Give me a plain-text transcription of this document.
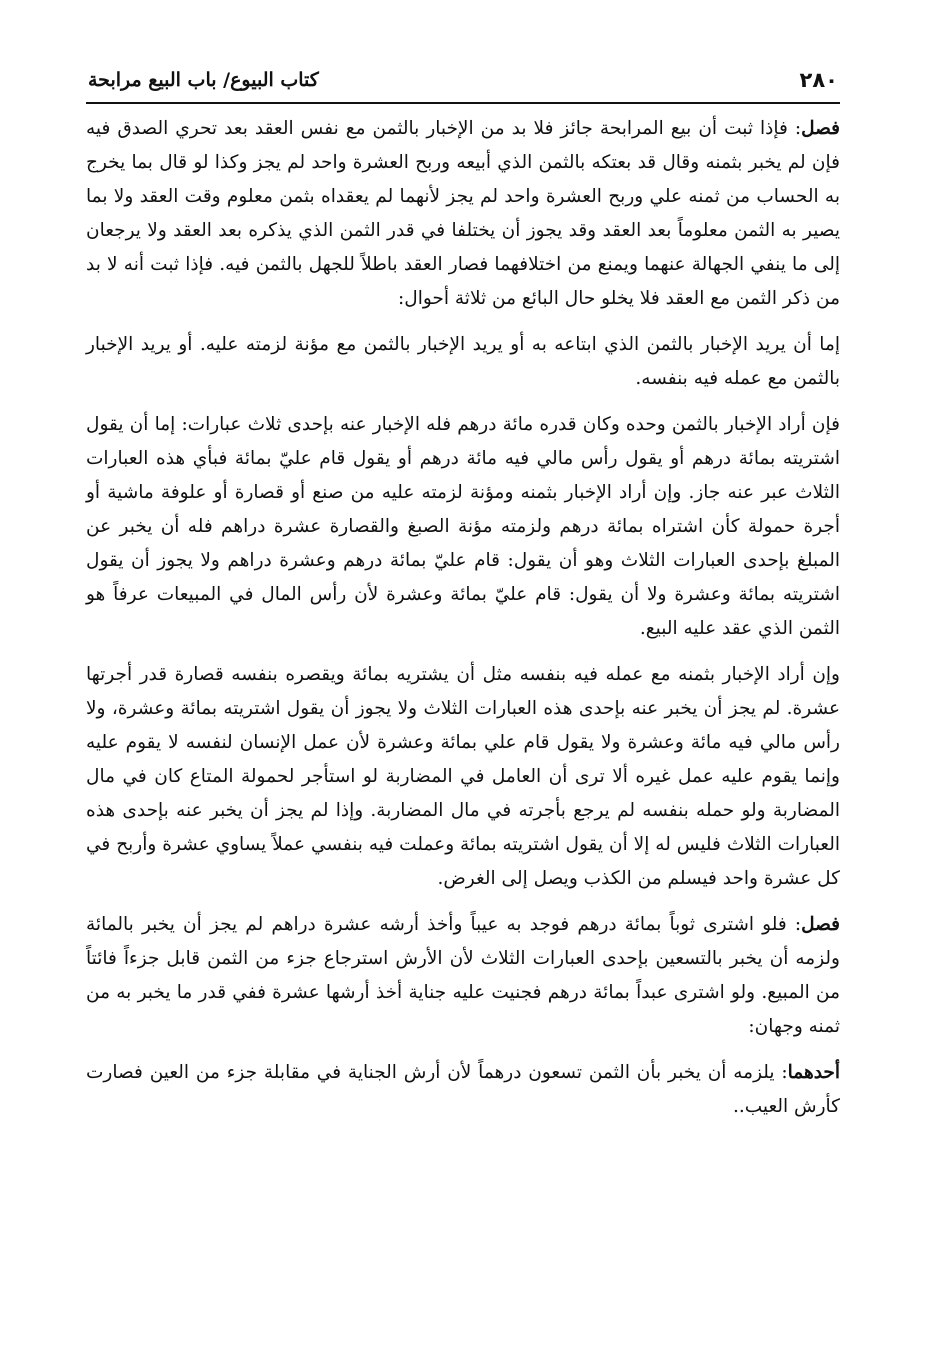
٢٨٠
كتاب البيوع/ باب البيع مرابحة

فصل: فإذا ثبت أن بيع المرابحة جائز فلا بد من الإخبار بالثمن مع نفس العقد بعد تحري الصدق فيه فإن لم يخبر بثمنه وقال قد بعتكه بالثمن الذي أبيعه وربح العشرة واحد لم يجز وكذا لو قال بما يخرج به الحساب من ثمنه علي وربح العشرة واحد لم يجز لأنهما لم يعقداه بثمن معلوم وقت العقد ولا بما يصير به الثمن معلوماً بعد العقد وقد يجوز أن يختلفا في قدر الثمن الذي يذكره بعد العقد ولا يرجعان إلى ما ينفي الجهالة عنهما ويمنع من اختلافهما فصار العقد باطلاً للجهل بالثمن فيه. فإذا ثبت أنه لا بد من ذكر الثمن مع العقد فلا يخلو حال البائع من ثلاثة أحوال:

إما أن يريد الإخبار بالثمن الذي ابتاعه به أو يريد الإخبار بالثمن مع مؤنة لزمته عليه. أو يريد الإخبار بالثمن مع عمله فيه بنفسه.

فإن أراد الإخبار بالثمن وحده وكان قدره مائة درهم فله الإخبار عنه بإحدى ثلاث عبارات: إما أن يقول اشتريته بمائة درهم أو يقول رأس مالي فيه مائة درهم أو يقول قام عليّ بمائة فبأي هذه العبارات الثلاث عبر عنه جاز. وإن أراد الإخبار بثمنه ومؤنة لزمته عليه من صنع أو قصارة أو علوفة ماشية أو أجرة حمولة كأن اشتراه بمائة درهم ولزمته مؤنة الصبغ والقصارة عشرة دراهم فله أن يخبر عن المبلغ بإحدى العبارات الثلاث وهو أن يقول: قام عليّ بمائة درهم وعشرة دراهم ولا يجوز أن يقول اشتريته بمائة وعشرة ولا أن يقول: قام عليّ بمائة وعشرة لأن رأس المال في المبيعات عرفاً هو الثمن الذي عقد عليه البيع.

وإن أراد الإخبار بثمنه مع عمله فيه بنفسه مثل أن يشتريه بمائة ويقصره بنفسه قصارة قدر أجرتها عشرة. لم يجز أن يخبر عنه بإحدى هذه العبارات الثلاث ولا يجوز أن يقول اشتريته بمائة وعشرة، ولا رأس مالي فيه مائة وعشرة ولا يقول قام علي بمائة وعشرة لأن عمل الإنسان لنفسه لا يقوم عليه وإنما يقوم عليه عمل غيره ألا ترى أن العامل في المضاربة لو استأجر لحمولة المتاع كان في مال المضاربة ولو حمله بنفسه لم يرجع بأجرته في مال المضاربة. وإذا لم يجز أن يخبر عنه بإحدى هذه العبارات الثلاث فليس له إلا أن يقول اشتريته بمائة وعملت فيه بنفسي عملاً يساوي عشرة وأربح في كل عشرة واحد فيسلم من الكذب ويصل إلى الغرض.

فصل: فلو اشترى ثوباً بمائة درهم فوجد به عيباً وأخذ أرشه عشرة دراهم لم يجز أن يخبر بالمائة ولزمه أن يخبر بالتسعين بإحدى العبارات الثلاث لأن الأرش استرجاع جزء من الثمن قابل جزءاً فائتاً من المبيع. ولو اشترى عبداً بمائة درهم فجنيت عليه جناية أخذ أرشها عشرة ففي قدر ما يخبر به من ثمنه وجهان:

أحدهما: يلزمه أن يخبر بأن الثمن تسعون درهماً لأن أرش الجناية في مقابلة جزء من العين فصارت كأرش العيب..
